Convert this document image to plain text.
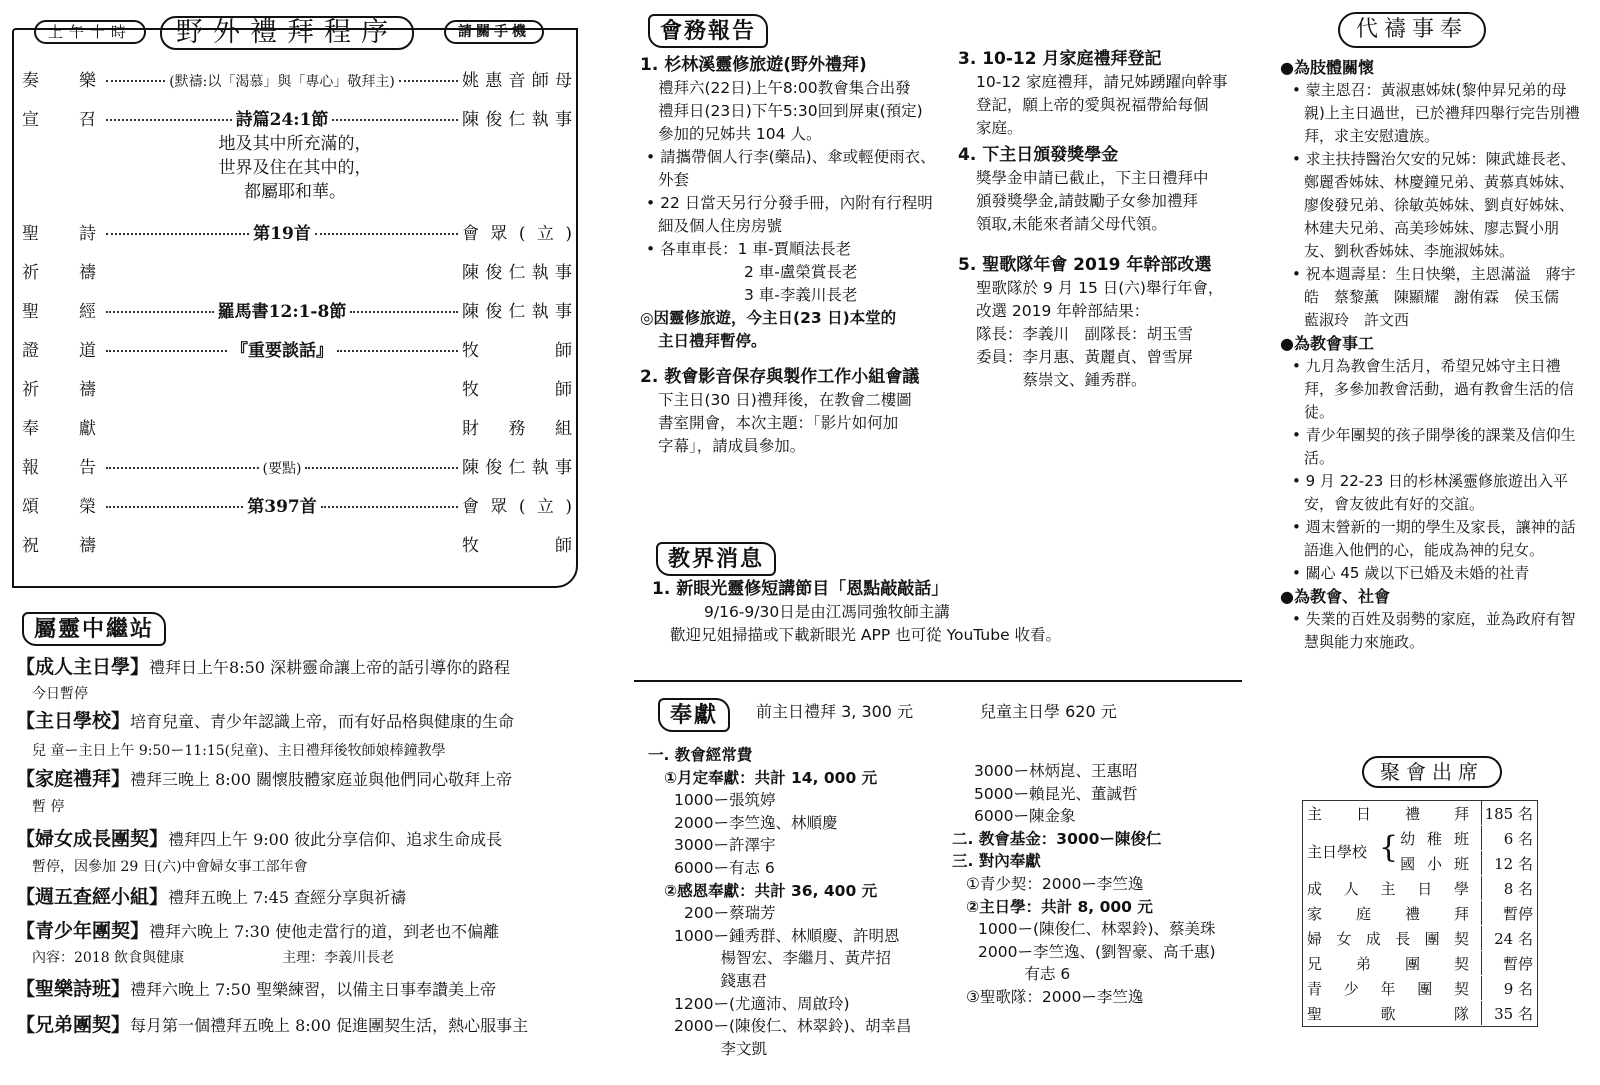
上午十時	野外禮拜程序	請關手機
奏樂 (默禱:以「渴慕」與「專心」敬拜主)	姚惠音師母
宣召	詩篇24:1節	陳俊仁執事
地及其中所充滿的，
世界及住在其中的，
都屬耶和華。
聖詩	第19首	會眾(立)
祈禱	陳俊仁執事
聖經	羅馬書12:1-8節	陳俊仁執事
證道	『重要談話』	牧師
祈禱	牧師
奉獻	財務組
報告	(要點)	陳俊仁執事
頌榮	第397首	會眾(立)
祝禱	牧師
屬靈中繼站
【成人主日學】禮拜日上午8:50 深耕靈命讓上帝的話引導你的路程
今日暫停
【主日學校】培育兒童、青少年認識上帝，而有好品格與健康的生命
兒 童ー主日上午 9:50ー11:15(兒童)、主日禮拜後牧師娘棒鐘教學
【家庭禮拜】禮拜三晚上 8:00 關懷肢體家庭並與他們同心敬拜上帝
暫 停
【婦女成長團契】禮拜四上午 9:00 彼此分享信仰、追求生命成長
暫停，因參加 29 日(六)中會婦女事工部年會
【週五查經小組】禮拜五晚上 7:45 查經分享與祈禱
【青少年團契】禮拜六晚上 7:30 使他走當行的道，到老也不偏離
內容：2018 飲食與健康　　　　　　　主理：李義川長老
【聖樂詩班】禮拜六晚上 7:50 聖樂練習，以備主日事奉讚美上帝
【兄弟團契】每月第一個禮拜五晚上 8:00 促進團契生活，熱心服事主
會務報告
1. 杉林溪靈修旅遊(野外禮拜)
禮拜六(22日)上午8:00教會集合出發
禮拜日(23日)下午5:30回到屏東(預定)
參加的兄姊共 104 人。
• 請攜帶個人行李(藥品)、傘或輕便雨衣、外套
• 22 日當天另行分發手冊，內附有行程明細及個人住房房號
• 各車車長：1 車-賈順法長老
2 車-盧榮賞長老
3 車-李義川長老
◎因靈修旅遊，今主日(23 日)本堂的
主日禮拜暫停。
2. 教會影音保存與製作工作小組會議
下主日(30 日)禮拜後，在教會二樓圖
書室開會，本次主題：「影片如何加
字幕」，請成員參加。
3. 10-12 月家庭禮拜登記
10-12 家庭禮拜，請兄姊踴躍向幹事
登記，願上帝的愛與祝福帶給每個
家庭。
4. 下主日頒發獎學金
獎學金申請已截止，下主日禮拜中
頒發獎學金,請鼓勵子女參加禮拜
領取,未能來者請父母代領。
5. 聖歌隊年會 2019 年幹部改選
聖歌隊於 9 月 15 日(六)舉行年會，
改選 2019 年幹部結果：
隊長：李義川　副隊長：胡玉雪
委員：李月惠、黃麗貞、曾雪屏
　　　蔡崇文、鍾秀群。
教界消息
1. 新眼光靈修短講節目「恩點敲敲話」
9/16-9/30日是由江馮同強牧師主講
歡迎兄姐掃描或下載新眼光 APP 也可從 YouTube 收看。
奉獻	前主日禮拜 3, 300 元	兒童主日學 620 元
一. 教會經常費
①月定奉獻：共計 14, 000 元
1000ー張筑婷
2000ー李竺逸、林順慶
3000ー許澤宇
6000ー有志 6
②感恩奉獻：共計 36, 400 元
200ー蔡瑞芳
1000ー鍾秀群、林順慶、許明恩
　　　楊智宏、李繼月、黃芹招
　　　錢惠君
1200ー(尤適沛、周啟玲)
2000ー(陳俊仁、林翠鈴)、胡幸昌
　　　李文凱
3000ー林炳崑、王惠昭
5000ー賴昆光、董誠哲
6000ー陳金象
二. 教會基金：3000ー陳俊仁
三. 對內奉獻
①青少契：2000ー李竺逸
②主日學：共計 8, 000 元
1000ー(陳俊仁、林翠鈴)、蔡美珠
2000ー李竺逸、(劉智豪、高千惠)
　　　有志 6
③聖歌隊：2000ー李竺逸
代禱事奉
●為肢體關懷
• 蒙主恩召：黃淑惠姊妹(黎仲昇兄弟的母親)上主日過世，已於禮拜四舉行完告別禮拜，求主安慰遺族。
• 求主扶持醫治欠安的兄姊：陳武雄長老、鄭麗香姊妹、林慶鐘兄弟、黃慕真姊妹、廖俊發兄弟、徐敏英姊妹、劉貞好姊妹、林建夫兄弟、高美珍姊妹、廖志賢小朋友、劉秋香姊妹、李施淑姊妹。
• 祝本週壽星：生日快樂，主恩滿溢　蔣宇皓　蔡黎薰　陳顯耀　謝侑霖　侯玉儒　藍淑玲　許文西
●為教會事工
• 九月為教會生活月，希望兄姊守主日禮拜，多參加教會活動，過有教會生活的信徒。
• 青少年團契的孩子開學後的課業及信仰生活。
• 9 月 22-23 日的杉林溪靈修旅遊出入平安，會友彼此有好的交誼。
• 週末營新的一期的學生及家長，讓神的話語進入他們的心，能成為神的兒女。
• 關心 45 歲以下已婚及未婚的社青
●為教會、社會
• 失業的百姓及弱勢的家庭，並為政府有智慧與能力來施政。
聚會出席
主日禮拜	185 名
主日學校 { 幼稚班	6 名
國小班	12 名
成人主日學	8 名
家庭禮拜	暫停
婦女成長團契	24 名
兄弟團契	暫停
青少年團契	9 名
聖歌隊	35 名
